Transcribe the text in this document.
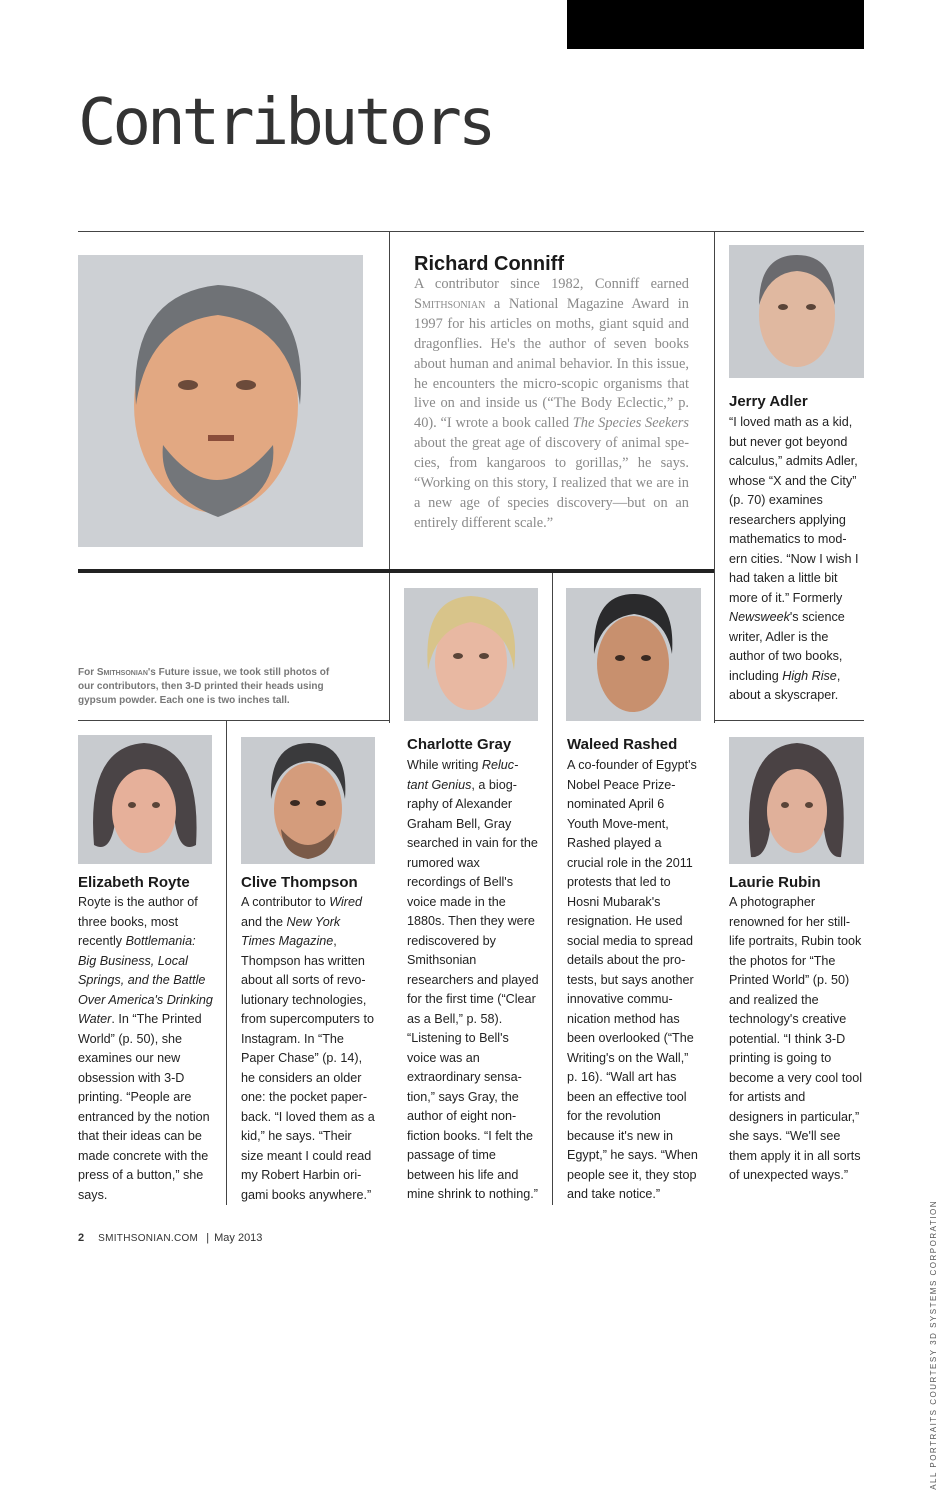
Contributors
Richard Conniff

A contributor since 1982, Conniff earned Smithsonian a National Magazine Award in 1997 for his articles on moths, giant squid and dragonflies. He's the author of seven books about human and animal behavior. In this issue, he encounters the micro-scopic organisms that live on and inside us (“The Body Eclectic,” p. 40). “I wrote a book called The Species Seekers about the great age of discovery of animal spe-cies, from kangaroos to gorillas,” he says. “Working on this story, I realized that we are in a new age of species discovery—but on an entirely different scale.”

Jerry Adler

“I loved math as a kid, but never got beyond calculus,” admits Adler, whose “X and the City” (p. 70) examines researchers applying mathematics to mod-ern cities. “Now I wish I had taken a little bit more of it.” Formerly Newsweek's science writer, Adler is the author of two books, including High Rise, about a skyscraper.

For Smithsonian's Future issue, we took still photos of our contributors, then 3-D printed their heads using gypsum powder. Each one is two inches tall.

Charlotte Gray

While writing Reluc-tant Genius, a biog-raphy of Alexander Graham Bell, Gray searched in vain for the rumored wax recordings of Bell's voice made in the 1880s. Then they were rediscovered by Smithsonian researchers and played for the first time (“Clear as a Bell,” p. 58). “Listening to Bell's voice was an extraordinary sensa-tion,” says Gray, the author of eight non-fiction books. “I felt the passage of time between his life and mine shrink to nothing.”

Waleed Rashed

A co-founder of Egypt's Nobel Peace Prize-nominated April 6 Youth Move-ment, Rashed played a crucial role in the 2011 protests that led to Hosni Mubarak's resignation. He used social media to spread details about the pro-tests, but says another innovative commu-nication method has been overlooked (“The Writing's on the Wall,” p. 16). “Wall art has been an effective tool for the revolution because it's new in Egypt,” he says. “When people see it, they stop and take notice.”

Elizabeth Royte

Royte is the author of three books, most recently Bottlemania: Big Business, Local Springs, and the Battle Over America's Drinking Water. In “The Printed World” (p. 50), she examines our new obsession with 3-D printing. “People are entranced by the notion that their ideas can be made concrete with the press of a button,” she says.

Clive Thompson

A contributor to Wired and the New York Times Magazine, Thompson has written about all sorts of revo-lutionary technologies, from supercomputers to Instagram. In “The Paper Chase” (p. 14), he considers an older one: the pocket paper-back. “I loved them as a kid,” he says. “Their size meant I could read my Robert Harbin ori-gami books anywhere.”

Laurie Rubin

A photographer renowned for her still-life portraits, Rubin took the photos for “The Printed World” (p. 50) and realized the technology's creative potential. “I think 3-D printing is going to become a very cool tool for artists and designers in particular,” she says. “We'll see them apply it in all sorts of unexpected ways.”

2 SMITHSONIAN.COM | May 2013	ALL PORTRAITS COURTESY 3D SYSTEMS CORPORATION
